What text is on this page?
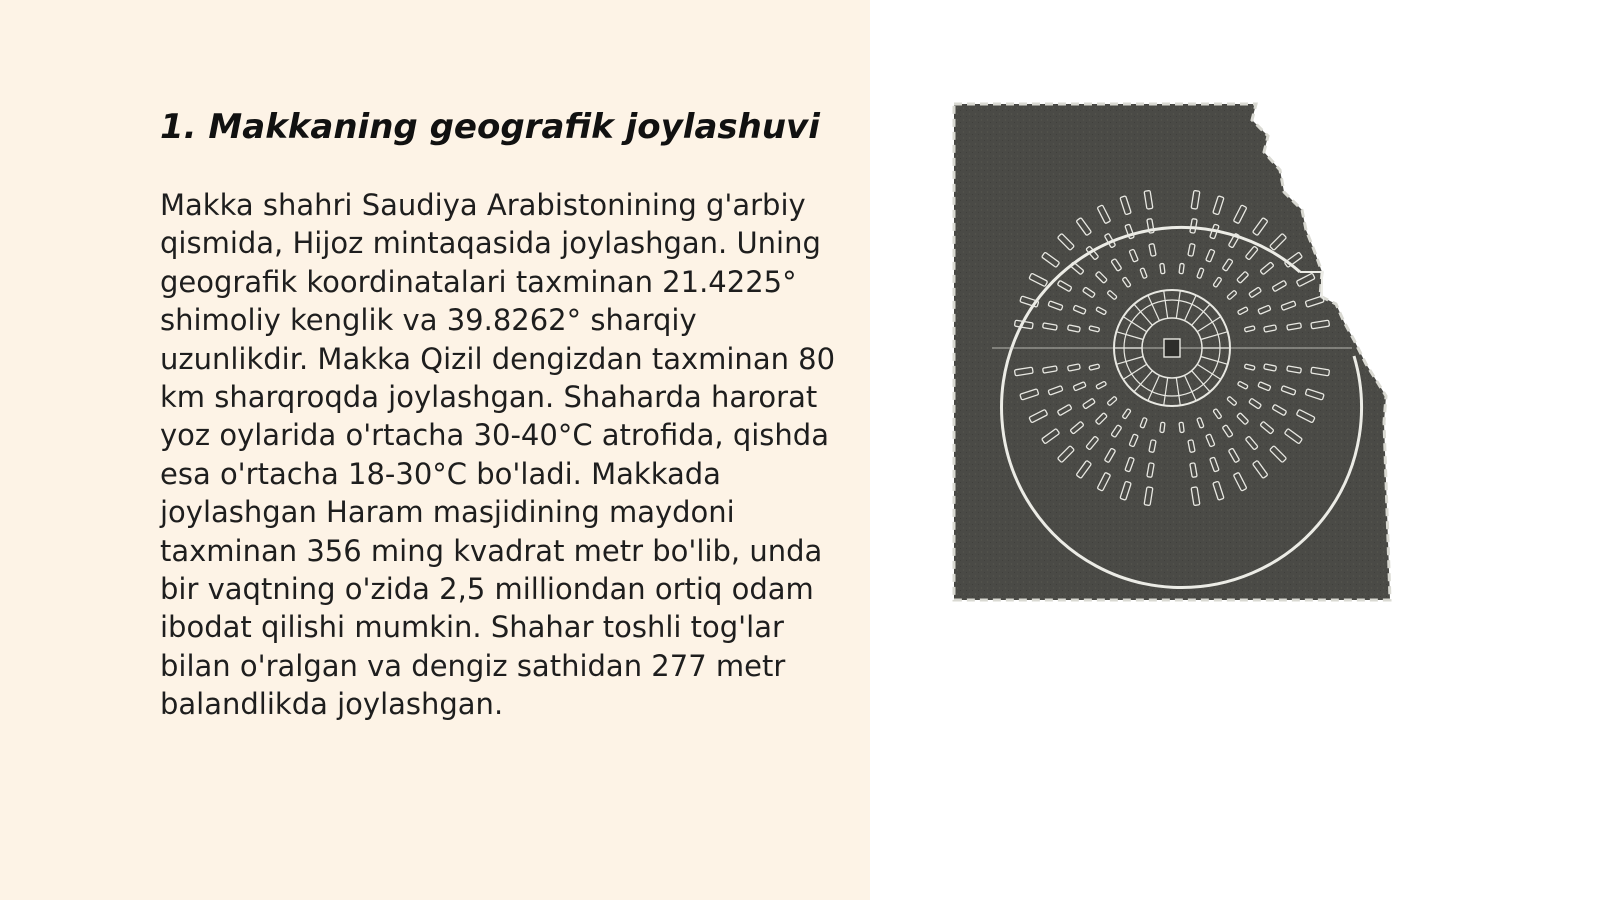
1. Makkaning geografik joylashuvi

Makka shahri Saudiya Arabistonining g'arbiy qismida, Hijoz mintaqasida joylashgan. Uning geografik koordinatalari taxminan 21.4225° shimoliy kenglik va 39.8262° sharqiy uzunlikdir. Makka Qizil dengizdan taxminan 80 km sharqroqda joylashgan. Shaharda harorat yoz oylarida o'rtacha 30-40°C atrofida, qishda esa o'rtacha 18-30°C bo'ladi. Makkada joylashgan Haram masjidining maydoni taxminan 356 ming kvadrat metr bo'lib, unda bir vaqtning o'zida 2,5 milliondan ortiq odam ibodat qilishi mumkin. Shahar toshli tog'lar bilan o'ralgan va dengiz sathidan 277 metr balandlikda joylashgan.
